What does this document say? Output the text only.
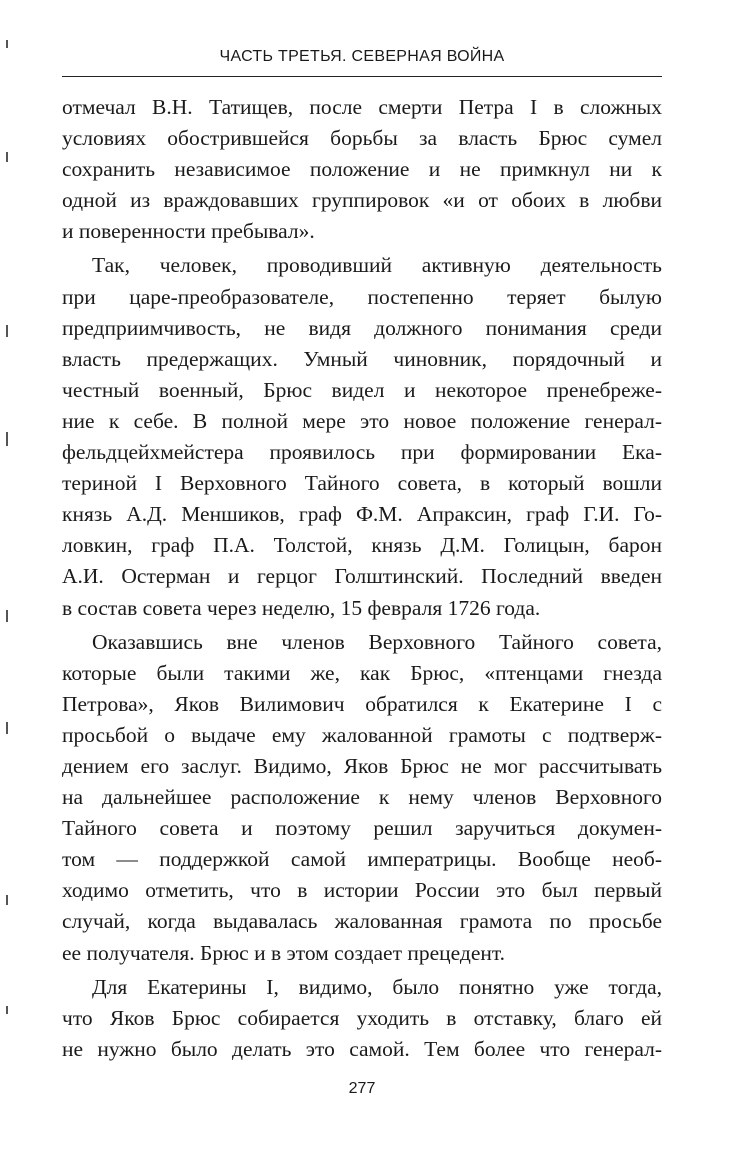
ЧАСТЬ ТРЕТЬЯ. СЕВЕРНАЯ ВОЙНА
отмечал В.Н. Татищев, после смерти Петра I в сложных
условиях обострившейся борьбы за власть Брюс сумел
сохранить независимое положение и не примкнул ни к
одной из враждовавших группировок «и от обоих в любви
и поверенности пребывал».
Так, человек, проводивший активную деятельность
при царе-преобразователе, постепенно теряет былую
предприимчивость, не видя должного понимания среди
власть предержащих. Умный чиновник, порядочный и
честный военный, Брюс видел и некоторое пренебреже-
ние к себе. В полной мере это новое положение генерал-
фельдцейхмейстера проявилось при формировании Ека-
териной I Верховного Тайного совета, в который вошли
князь А.Д. Меншиков, граф Ф.М. Апраксин, граф Г.И. Го-
ловкин, граф П.А. Толстой, князь Д.М. Голицын, барон
А.И. Остерман и герцог Голштинский. Последний введен
в состав совета через неделю, 15 февраля 1726 года.
Оказавшись вне членов Верховного Тайного совета,
которые были такими же, как Брюс, «птенцами гнезда
Петрова», Яков Вилимович обратился к Екатерине I с
просьбой о выдаче ему жалованной грамоты с подтверж-
дением его заслуг. Видимо, Яков Брюс не мог рассчитывать
на дальнейшее расположение к нему членов Верховного
Тайного совета и поэтому решил заручиться докумен-
том — поддержкой самой императрицы. Вообще необ-
ходимо отметить, что в истории России это был первый
случай, когда выдавалась жалованная грамота по просьбе
ее получателя. Брюс и в этом создает прецедент.
Для Екатерины I, видимо, было понятно уже тогда,
что Яков Брюс собирается уходить в отставку, благо ей
не нужно было делать это самой. Тем более что генерал-
277
